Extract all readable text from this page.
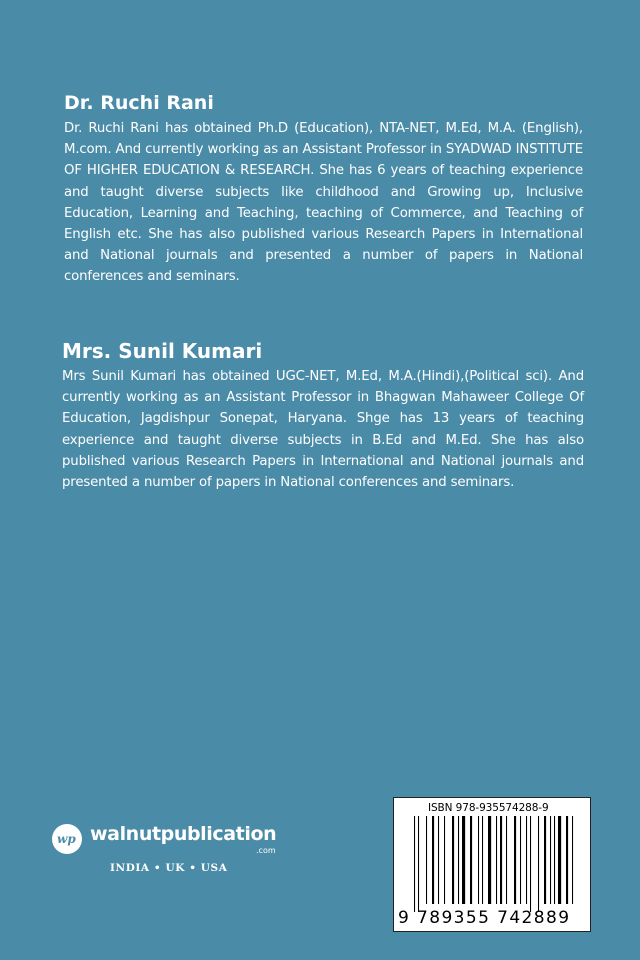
Dr. Ruchi Rani

Dr. Ruchi Rani has obtained Ph.D (Education), NTA-NET, M.Ed, M.A. (English), M.com. And currently working as an Assistant Professor in SYADWAD INSTITUTE OF HIGHER EDUCATION & RESEARCH. She has 6 years of teaching experience and taught diverse subjects like childhood and Growing up, Inclusive Education, Learning and Teaching, teaching of Commerce, and Teaching of English etc. She has also published various Research Papers in International and National journals and presented a number of papers in National conferences and seminars.

Mrs. Sunil Kumari

Mrs Sunil Kumari has obtained UGC-NET, M.Ed, M.A.(Hindi),(Political sci). And currently working as an Assistant Professor in Bhagwan Mahaweer College Of Education, Jagdishpur Sonepat, Haryana. Shge has 13 years of teaching experience and taught diverse subjects in B.Ed and M.Ed. She has also published various Research Papers in International and National journals and presented a number of papers in National conferences and seminars.

wp walnutpublication
.com
INDIA • UK • USA
ISBN 978-935574288-9
9 789355 742889
